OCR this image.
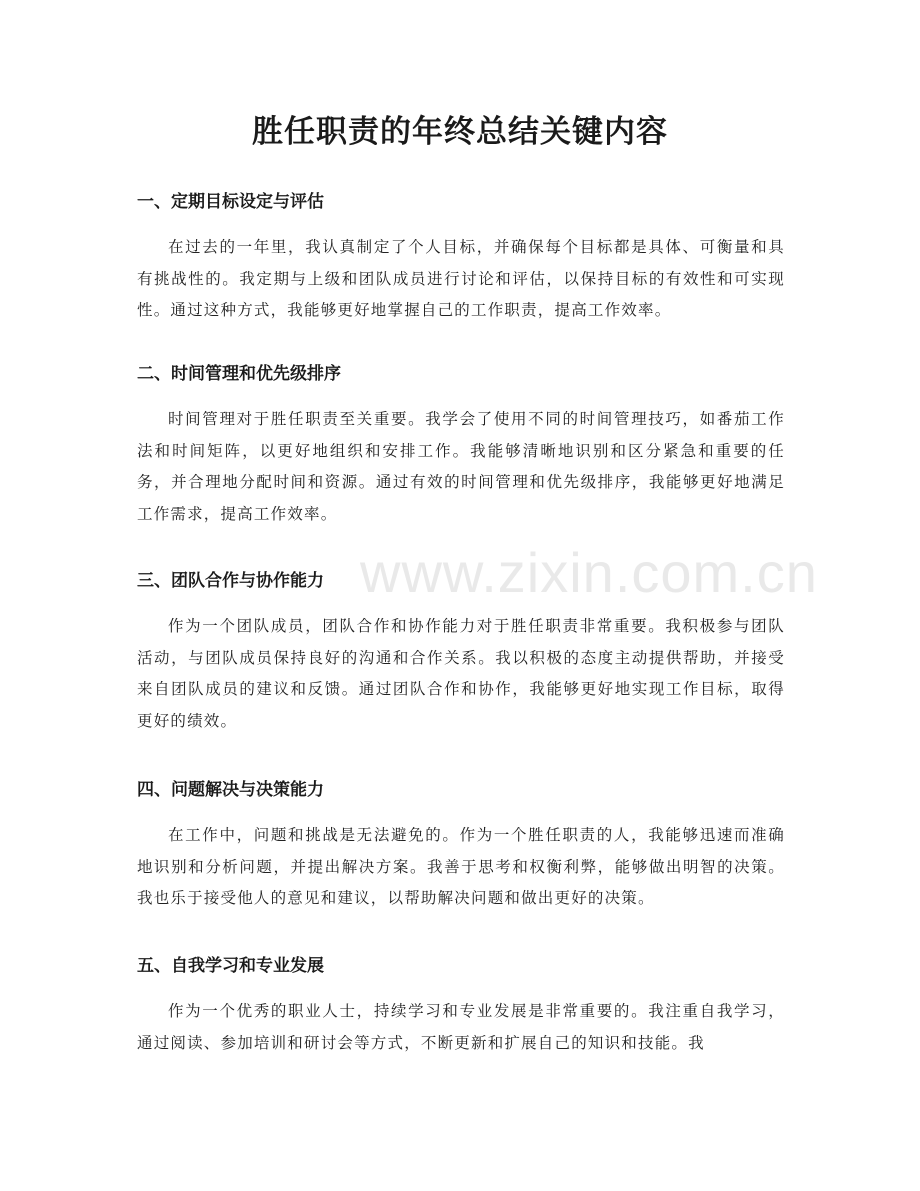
www.zixin.com.cn
胜任职责的年终总结关键内容
一、定期目标设定与评估

在过去的一年里，我认真制定了个人目标，并确保每个目标都是具体、可衡量和具有挑战性的。我定期与上级和团队成员进行讨论和评估，以保持目标的有效性和可实现性。通过这种方式，我能够更好地掌握自己的工作职责，提高工作效率。

二、时间管理和优先级排序

时间管理对于胜任职责至关重要。我学会了使用不同的时间管理技巧，如番茄工作法和时间矩阵，以更好地组织和安排工作。我能够清晰地识别和区分紧急和重要的任务，并合理地分配时间和资源。通过有效的时间管理和优先级排序，我能够更好地满足工作需求，提高工作效率。

三、团队合作与协作能力

作为一个团队成员，团队合作和协作能力对于胜任职责非常重要。我积极参与团队活动，与团队成员保持良好的沟通和合作关系。我以积极的态度主动提供帮助，并接受来自团队成员的建议和反馈。通过团队合作和协作，我能够更好地实现工作目标，取得更好的绩效。

四、问题解决与决策能力

在工作中，问题和挑战是无法避免的。作为一个胜任职责的人，我能够迅速而准确地识别和分析问题，并提出解决方案。我善于思考和权衡利弊，能够做出明智的决策。我也乐于接受他人的意见和建议，以帮助解决问题和做出更好的决策。

五、自我学习和专业发展

作为一个优秀的职业人士，持续学习和专业发展是非常重要的。我注重自我学习，通过阅读、参加培训和研讨会等方式，不断更新和扩展自己的知识和技能。我
